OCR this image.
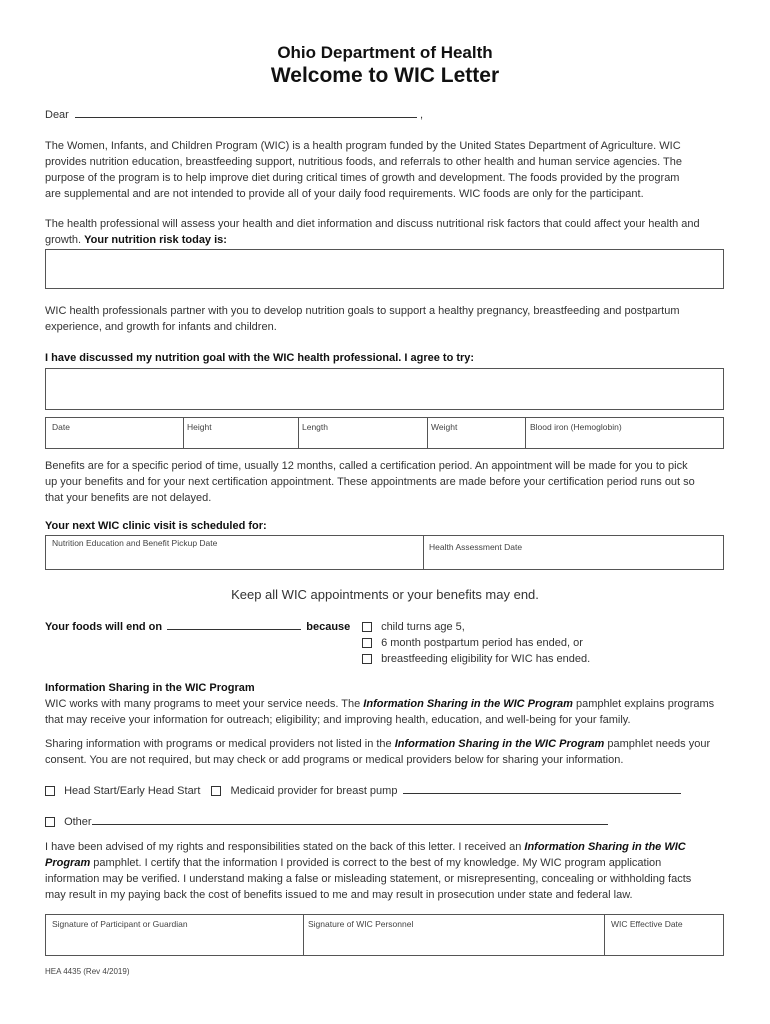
Ohio Department of Health
Welcome to WIC Letter
Dear	,
The Women, Infants, and Children Program (WIC) is a health program funded by the United States Department of Agriculture. WIC
provides nutrition education, breastfeeding support, nutritious foods, and referrals to other health and human service agencies. The
purpose of the program is to help improve diet during critical times of growth and development. The foods provided by the program
are supplemental and are not intended to provide all of your daily food requirements. WIC foods are only for the participant.
The health professional will assess your health and diet information and discuss nutritional risk factors that could affect your health and
growth. Your nutrition risk today is:
WIC health professionals partner with you to develop nutrition goals to support a healthy pregnancy, breastfeeding and postpartum
experience, and growth for infants and children.
I have discussed my nutrition goal with the WIC health professional. I agree to try:
Date	Height	Length	Weight	Blood iron (Hemoglobin)
Benefits are for a specific period of time, usually 12 months, called a certification period. An appointment will be made for you to pick
up your benefits and for your next certification appointment. These appointments are made before your certification period runs out so
that your benefits are not delayed.
Your next WIC clinic visit is scheduled for:
Nutrition Education and Benefit Pickup Date	Health Assessment Date
Keep all WIC appointments or your benefits may end.
Your foods will end on	because	child turns age 5,
6 month postpartum period has ended, or
breastfeeding eligibility for WIC has ended.
Information Sharing in the WIC Program
WIC works with many programs to meet your service needs. The Information Sharing in the WIC Program pamphlet explains programs
that may receive your information for outreach; eligibility; and improving health, education, and well-being for your family.
Sharing information with programs or medical providers not listed in the Information Sharing in the WIC Program pamphlet needs your
consent. You are not required, but may check or add programs or medical providers below for sharing your information.
Head Start/Early Head Start	Medicaid provider for breast pump
Other
I have been advised of my rights and responsibilities stated on the back of this letter. I received an Information Sharing in the WIC
Program pamphlet. I certify that the information I provided is correct to the best of my knowledge. My WIC program application
information may be verified. I understand making a false or misleading statement, or misrepresenting, concealing or withholding facts
may result in my paying back the cost of benefits issued to me and may result in prosecution under state and federal law.
Signature of Participant or Guardian	Signature of WIC Personnel	WIC Effective Date
HEA 4435 (Rev 4/2019)
